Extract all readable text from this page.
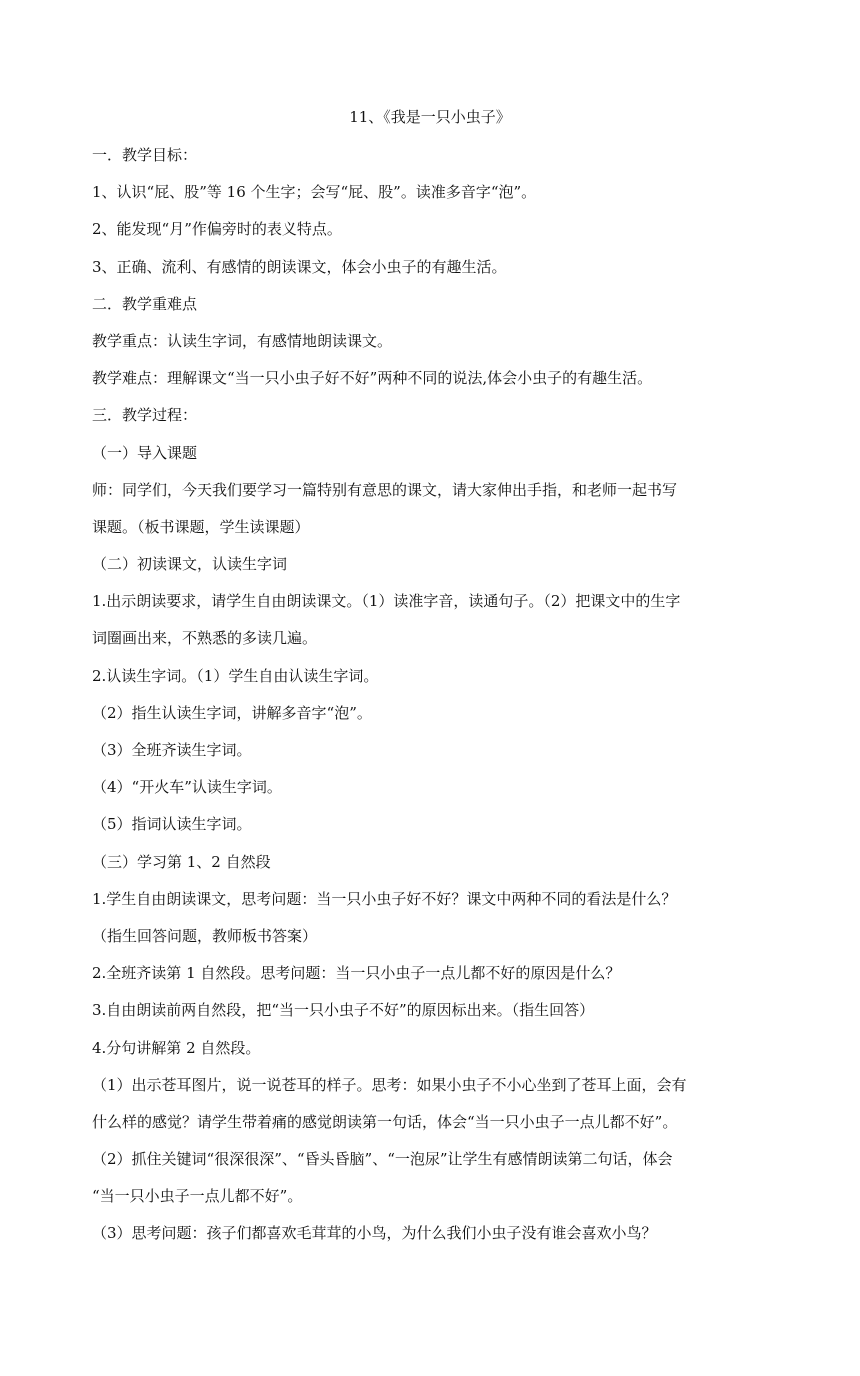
11、《我是一只小虫子》
一．教学目标：
1、认识“屁、股”等 16 个生字；会写“屁、股”。读准多音字“泡”。
2、能发现“月”作偏旁时的表义特点。
3、正确、流利、有感情的朗读课文，体会小虫子的有趣生活。
二．教学重难点
教学重点：认读生字词，有感情地朗读课文。
教学难点：理解课文“当一只小虫子好不好”两种不同的说法,体会小虫子的有趣生活。
三．教学过程：
（一）导入课题
师：同学们，今天我们要学习一篇特别有意思的课文，请大家伸出手指，和老师一起书写
课题。（板书课题，学生读课题）
（二）初读课文，认读生字词
1.出示朗读要求，请学生自由朗读课文。（1）读准字音，读通句子。（2）把课文中的生字
词圈画出来，不熟悉的多读几遍。
2.认读生字词。（1）学生自由认读生字词。
（2）指生认读生字词，讲解多音字“泡”。
（3）全班齐读生字词。
（4）“开火车”认读生字词。
（5）指词认读生字词。
（三）学习第 1、2 自然段
1.学生自由朗读课文，思考问题：当一只小虫子好不好？课文中两种不同的看法是什么？
（指生回答问题，教师板书答案）
2.全班齐读第 1 自然段。思考问题：当一只小虫子一点儿都不好的原因是什么？
3.自由朗读前两自然段，把“当一只小虫子不好”的原因标出来。（指生回答）
4.分句讲解第 2 自然段。
（1）出示苍耳图片，说一说苍耳的样子。思考：如果小虫子不小心坐到了苍耳上面，会有
什么样的感觉？请学生带着痛的感觉朗读第一句话，体会“当一只小虫子一点儿都不好”。
（2）抓住关键词“很深很深”、“昏头昏脑”、“一泡尿”让学生有感情朗读第二句话，体会
“当一只小虫子一点儿都不好”。
（3）思考问题：孩子们都喜欢毛茸茸的小鸟，为什么我们小虫子没有谁会喜欢小鸟？
